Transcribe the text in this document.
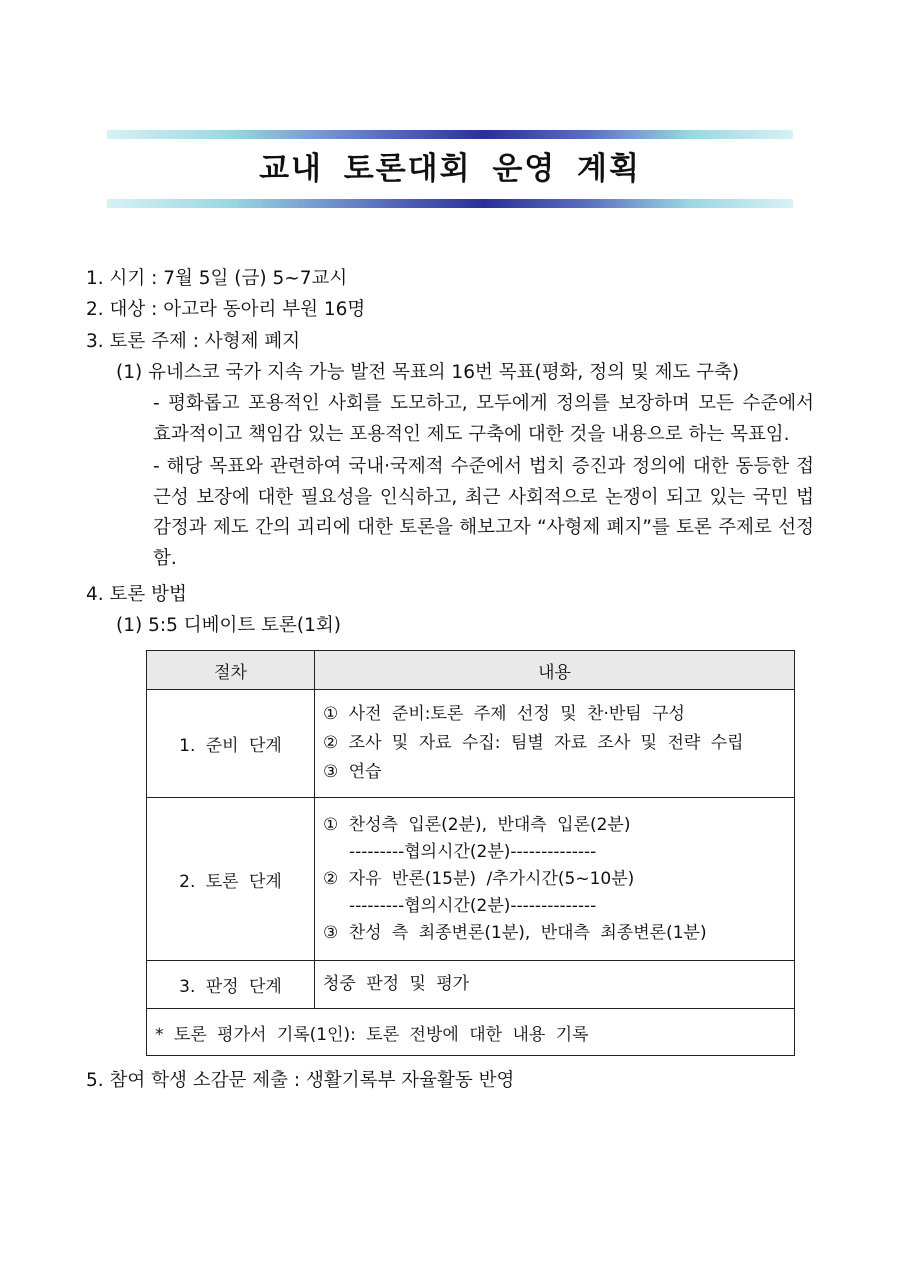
교내 토론대회 운영 계획
1. 시기 : 7월 5일 (금) 5~7교시
2. 대상 : 아고라 동아리 부원 16명
3. 토론 주제 : 사형제 폐지
(1) 유네스코 국가 지속 가능 발전 목표의 16번 목표(평화, 정의 및 제도 구축)
- 평화롭고 포용적인 사회를 도모하고, 모두에게 정의를 보장하며 모든 수준에서 효과적이고 책임감 있는 포용적인 제도 구축에 대한 것을 내용으로 하는 목표임.
- 해당 목표와 관련하여 국내·국제적 수준에서 법치 증진과 정의에 대한 동등한 접근성 보장에 대한 필요성을 인식하고, 최근 사회적으로 논쟁이 되고 있는 국민 법 감정과 제도 간의 괴리에 대한 토론을 해보고자 “사형제 폐지”를 토론 주제로 선정함.
4. 토론 방법
(1) 5:5 디베이트 토론(1회)
절차	내용
1. 준비 단계	① 사전 준비:토론 주제 선정 및 찬·반팀 구성
② 조사 및 자료 수집: 팀별 자료 조사 및 전략 수립
③ 연습

2. 토론 단계	① 찬성측 입론(2분), 반대측 입론(2분)
---------협의시간(2분)--------------
② 자유 반론(15분) /추가시간(5~10분)
---------협의시간(2분)--------------
③ 찬성 측 최종변론(1분), 반대측 최종변론(1분)

3. 판정 단계	청중 판정 및 평가

* 토론 평가서 기록(1인): 토론 전방에 대한 내용 기록	
5. 참여 학생 소감문 제출 : 생활기록부 자율활동 반영
